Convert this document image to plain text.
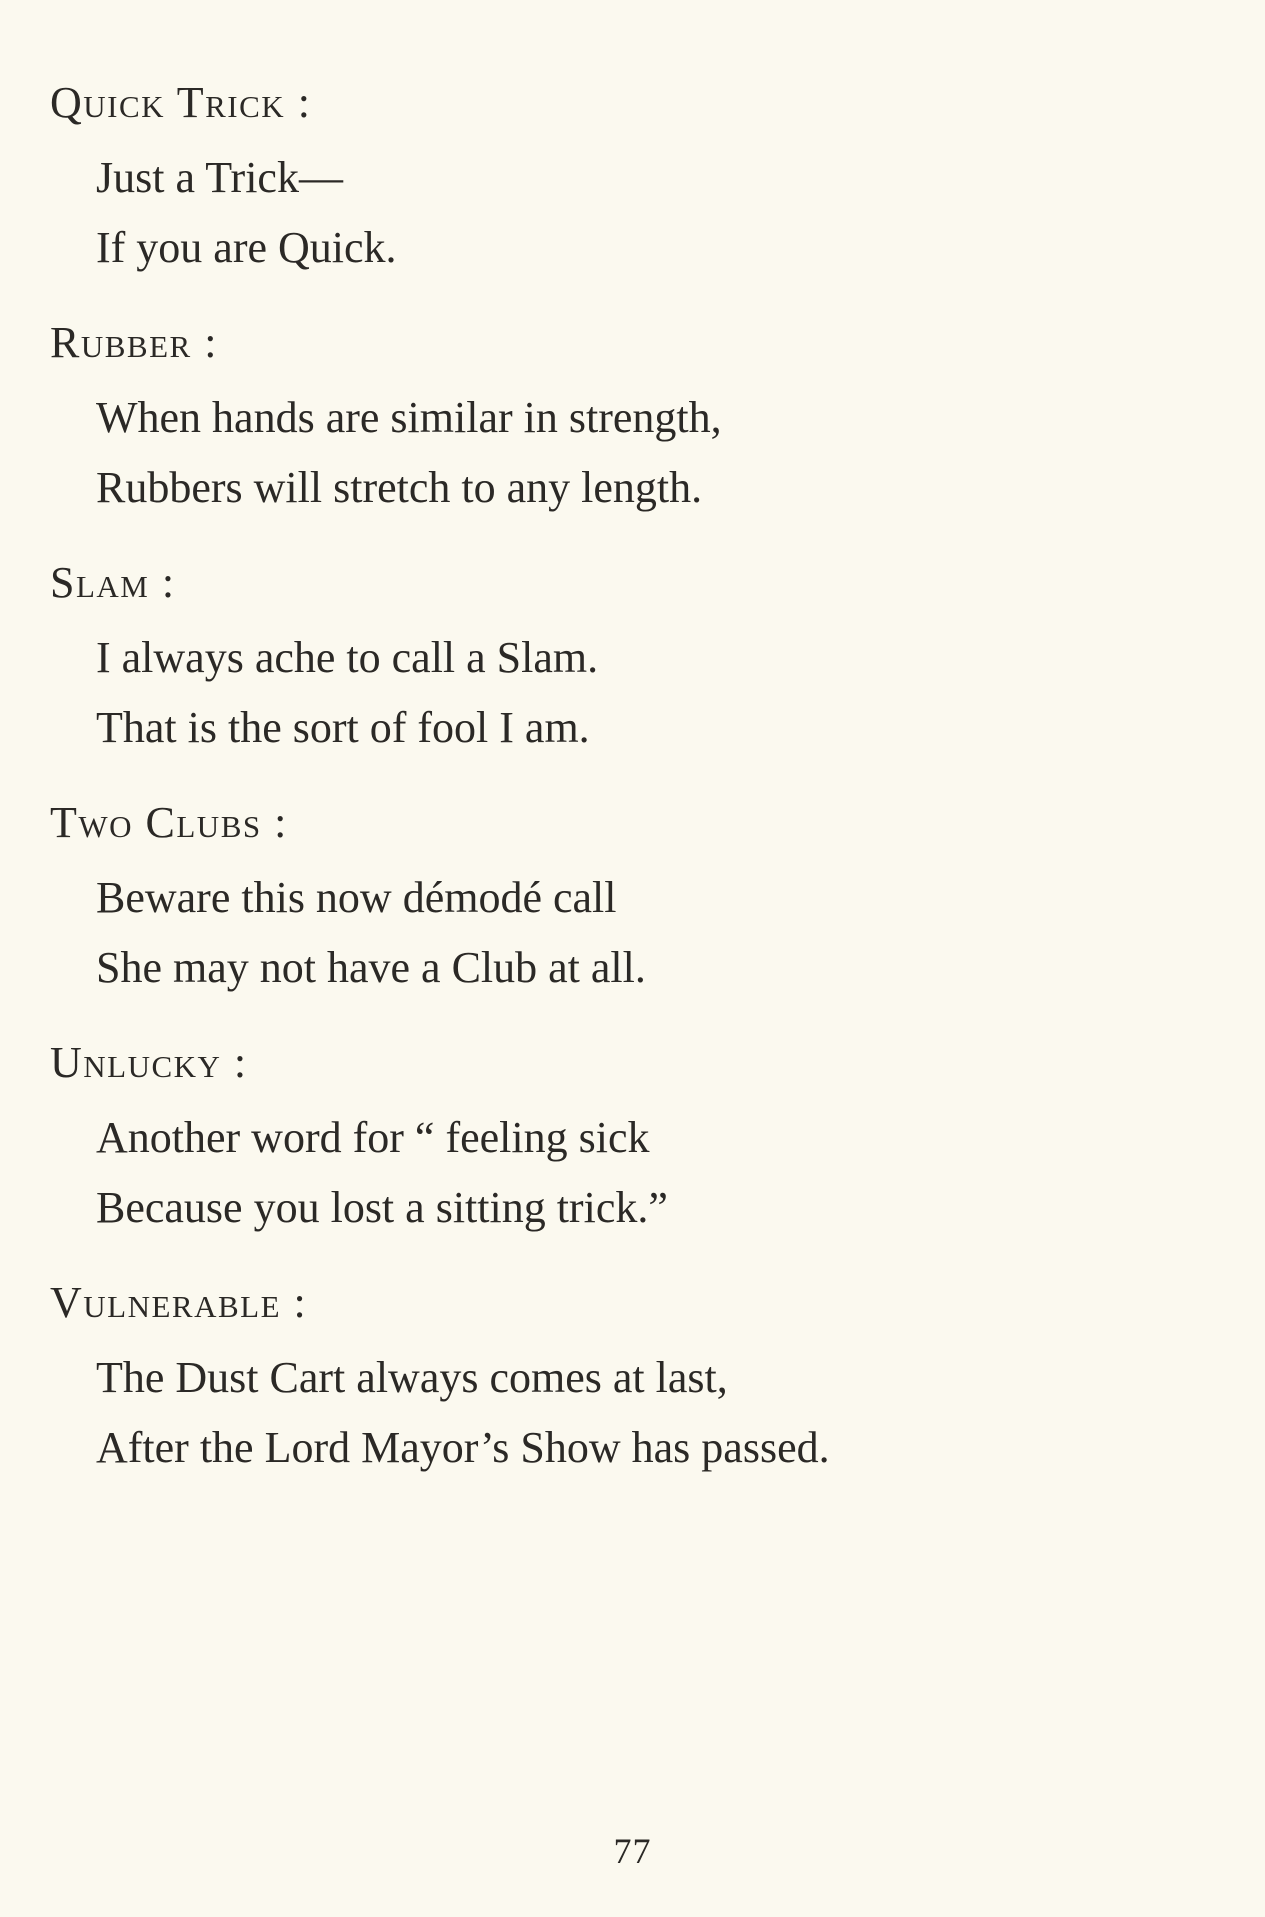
Quick Trick :

Just a Trick—
If you are Quick.

Rubber :

When hands are similar in strength,
Rubbers will stretch to any length.

Slam :

I always ache to call a Slam.
That is the sort of fool I am.

Two Clubs :

Beware this now démodé call
She may not have a Club at all.

Unlucky :

Another word for “ feeling sick
Because you lost a sitting trick.”

Vulnerable :

The Dust Cart always comes at last,
After the Lord Mayor’s Show has passed.
77
